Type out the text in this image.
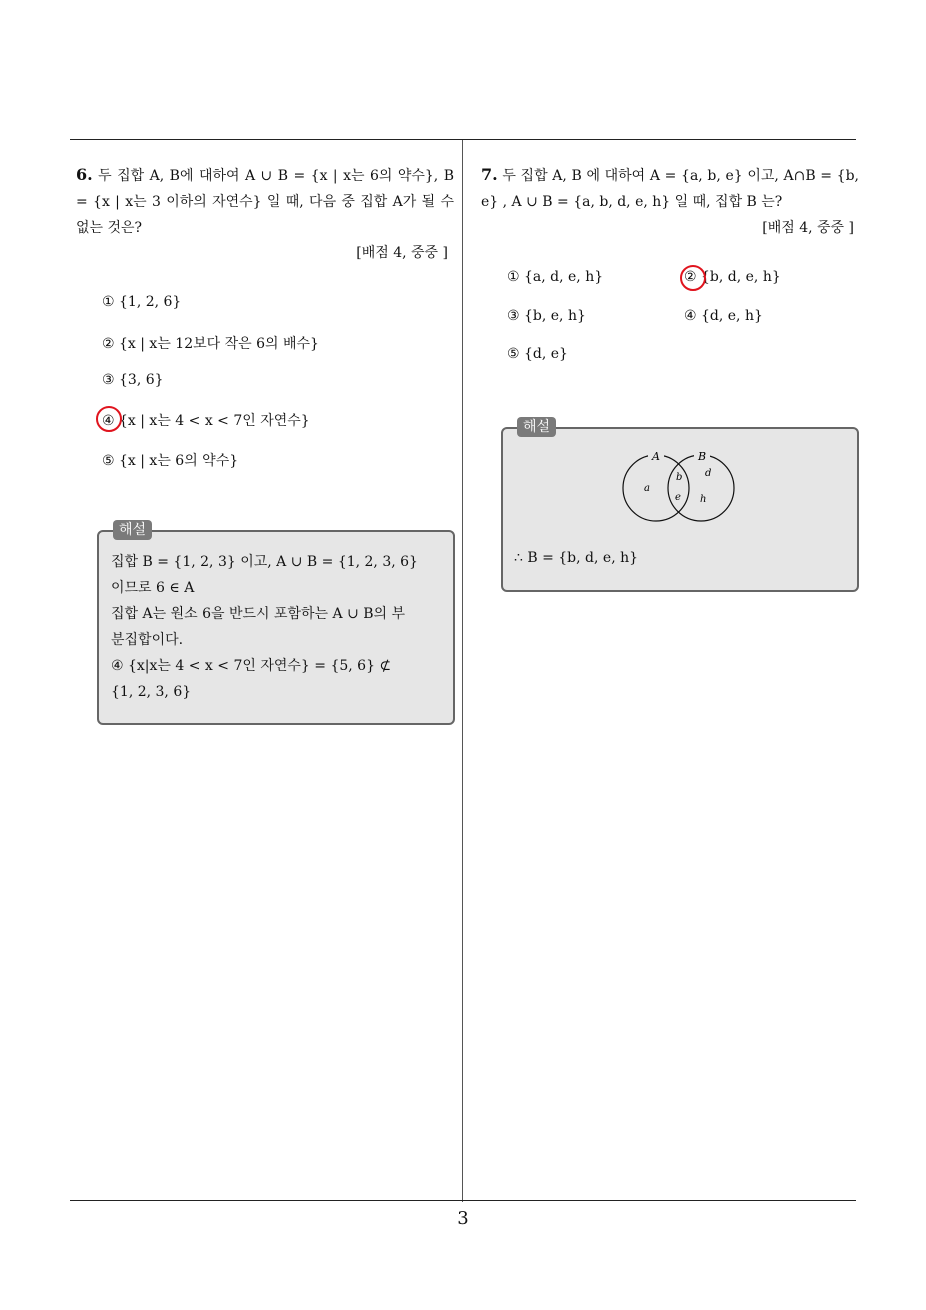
3
6. 두 집합 A, B에 대하여 A ∪ B = {x | x는 6의 약수}, B = {x | x는 3 이하의 자연수} 일 때, 다음 중 집합 A가 될 수 없는 것은?
[배점 4, 중중 ]
① {1, 2, 6}
② {x | x는 12보다 작은 6의 배수}
③ {3, 6}
④ {x | x는 4 < x < 7인 자연수}
⑤ {x | x는 6의 약수}
해설
집합 B = {1, 2, 3} 이고, A ∪ B = {1, 2, 3, 6}
이므로 6 ∈ A
집합 A는 원소 6을 반드시 포함하는 A ∪ B의 부
분집합이다.
④ {x|x는 4 < x < 7인 자연수} = {5, 6} ⊄
{1, 2, 3, 6}
7. 두 집합 A, B 에 대하여 A = {a, b, e} 이고, A∩B = {b, e} , A ∪ B = {a, b, d, e, h} 일 때, 집합 B 는?
[배점 4, 중중 ]
① {a, d, e, h}	② {b, d, e, h}
③ {b, e, h}	④ {d, e, h}
⑤ {d, e}
해설
A	B
a
b
e
d
h
∴ B = {b, d, e, h}
